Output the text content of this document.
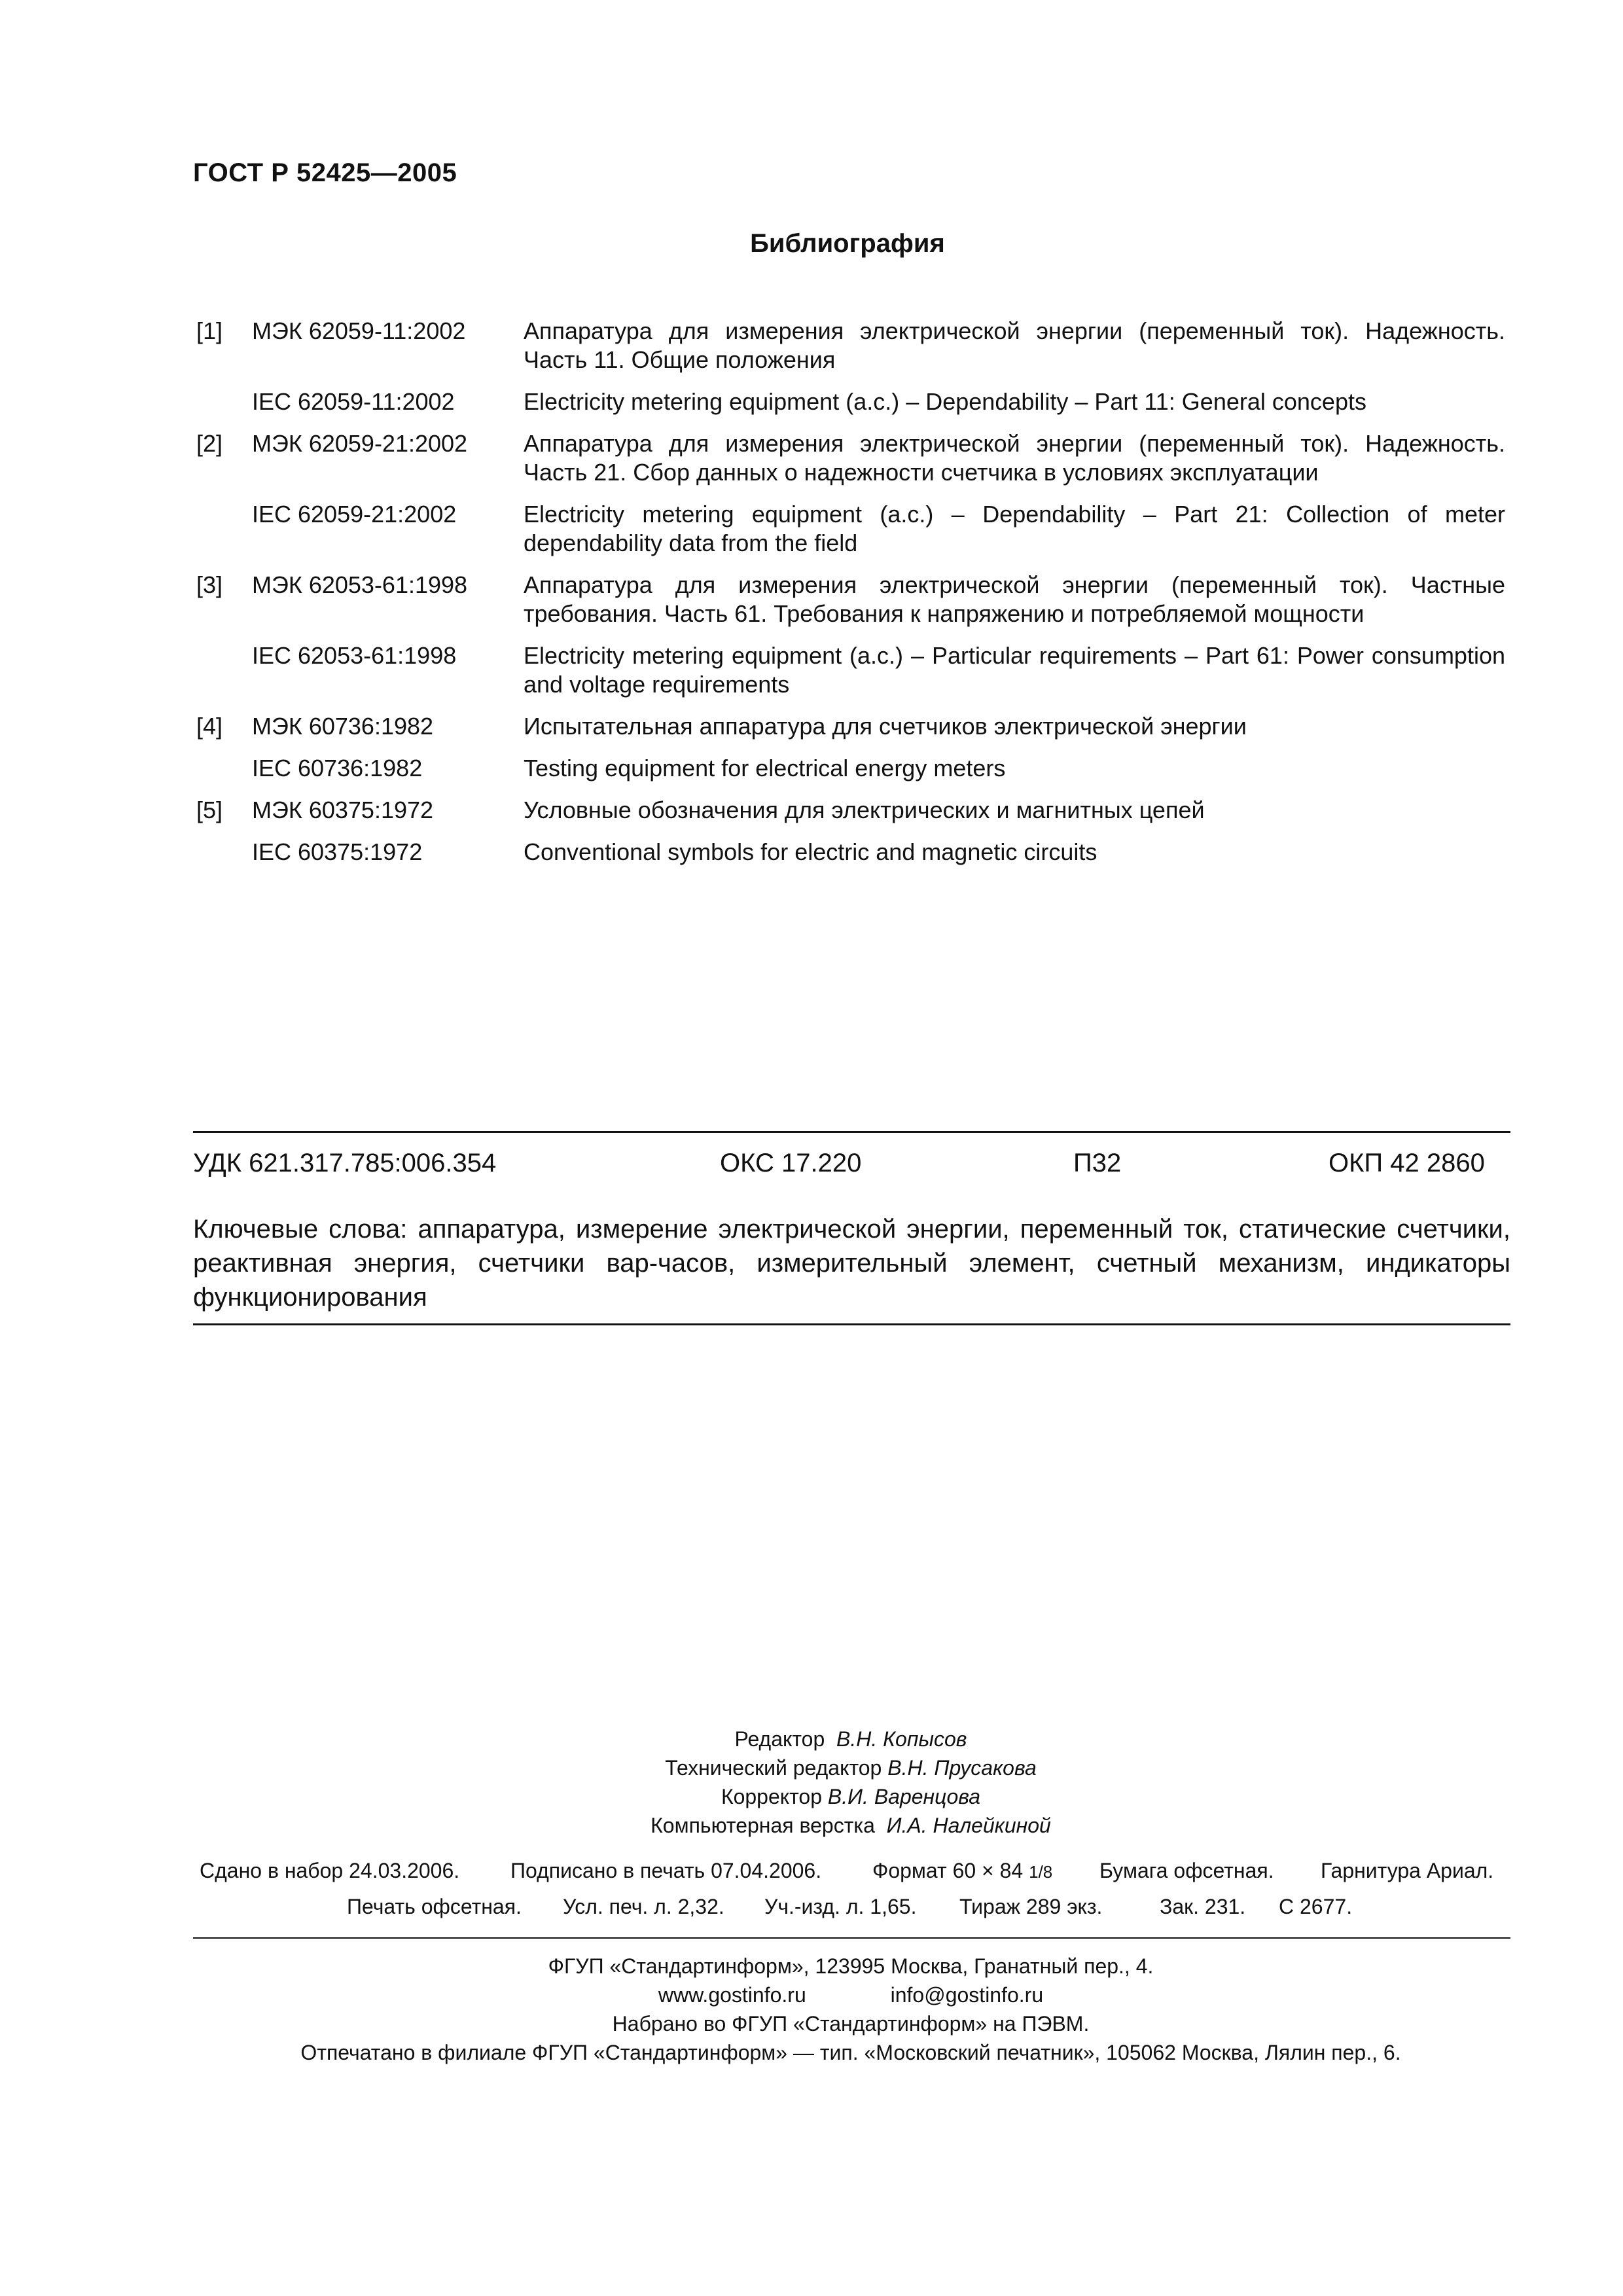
ГОСТ Р 52425—2005
Библиография
[1]	МЭК 62059-11:2002	Аппаратура для измерения электрической энергии (переменный ток). Надежность. Часть 11. Общие положения
IEC 62059-11:2002	Electricity metering equipment (a.c.) – Dependability – Part 11: General concepts
[2]	МЭК 62059-21:2002	Аппаратура для измерения электрической энергии (переменный ток). Надежность. Часть 21. Сбор данных о надежности счетчика в условиях эксплуатации
IEC 62059-21:2002	Electricity metering equipment (a.c.) – Dependability – Part 21: Collection of meter dependability data from the field
[3]	МЭК 62053-61:1998	Аппаратура для измерения электрической энергии (переменный ток). Частные требования. Часть 61. Требования к напряжению и потребляемой мощности
IEC 62053-61:1998	Electricity metering equipment (a.c.) – Particular requirements – Part 61: Power consumption and voltage requirements
[4]	МЭК 60736:1982	Испытательная аппаратура для счетчиков электрической энергии
IEC 60736:1982	Testing equipment for electrical energy meters
[5]	МЭК 60375:1972	Условные обозначения для электрических и магнитных цепей
IEC 60375:1972	Conventional symbols for electric and magnetic circuits
УДК 621.317.785:006.354	ОКС 17.220	П32	ОКП 42 2860
Ключевые слова: аппаратура, измерение электрической энергии, переменный ток, статические счетчики, реактивная энергия, счетчики вар-часов, измерительный элемент, счетный механизм, индикаторы функционирования
Редактор В.Н. Копысов
Технический редактор В.Н. Прусакова
Корректор В.И. Варенцова
Компьютерная верстка И.А. Налейкиной
Сдано в набор 24.03.2006. Подписано в печать 07.04.2006. Формат 60 × 84 1/8 Бумага офсетная. Гарнитура Ариал.
Печать офсетная. Усл. печ. л. 2,32. Уч.-изд. л. 1,65. Тираж 289 экз.	Зак. 231. С 2677.
ФГУП «Стандартинформ», 123995 Москва, Гранатный пер., 4.
www.gostinfo.ru	info@gostinfo.ru
Набрано во ФГУП «Стандартинформ» на ПЭВМ.
Отпечатано в филиале ФГУП «Стандартинформ» — тип. «Московский печатник», 105062 Москва, Лялин пер., 6.
